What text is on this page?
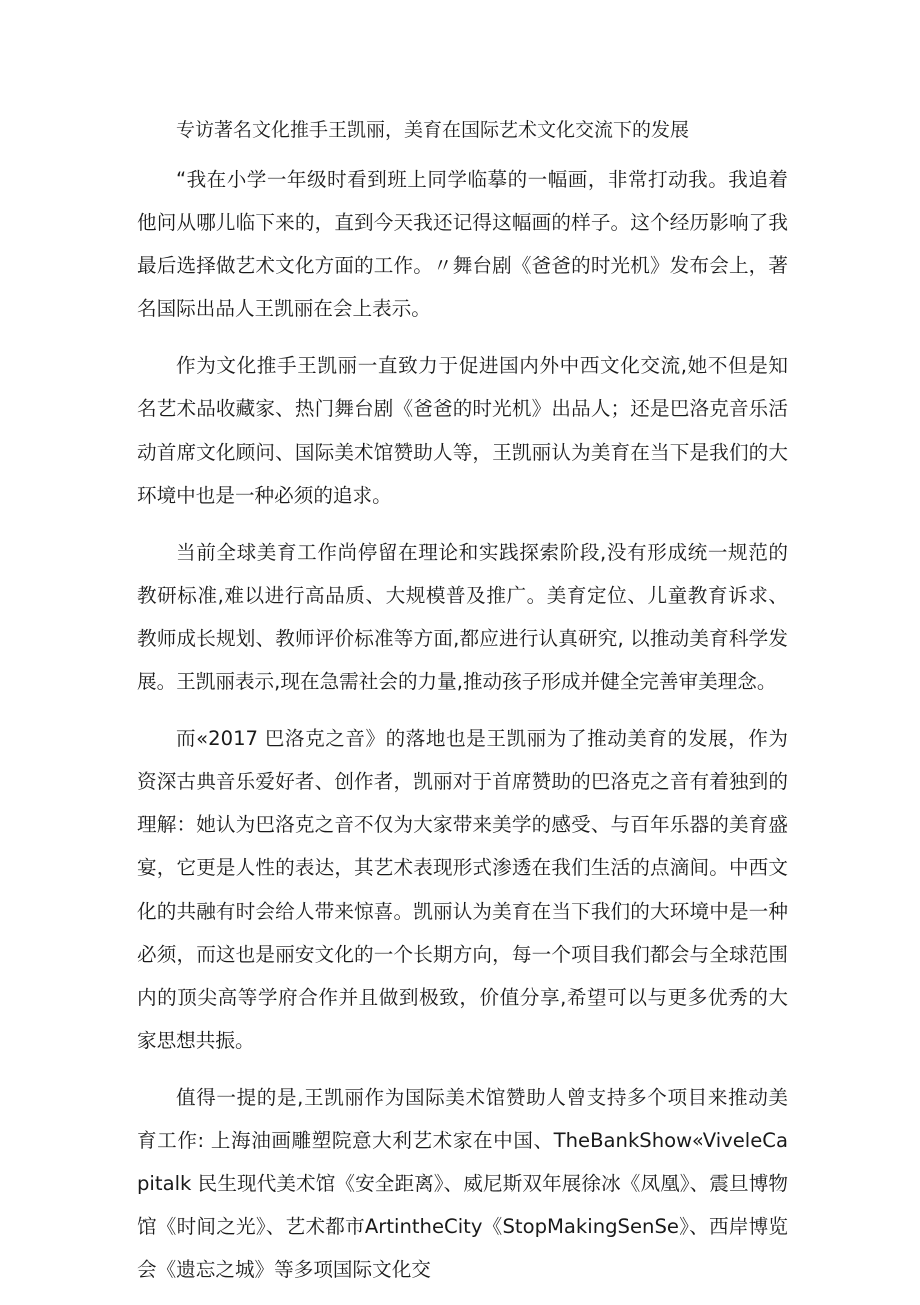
专访著名文化推手王凯丽，美育在国际艺术文化交流下的发展

“我在小学一年级时看到班上同学临摹的一幅画，非常打动我。我追着他问从哪儿临下来的，直到今天我还记得这幅画的样子。这个经历影响了我最后选择做艺术文化方面的工作。〃舞台剧《爸爸的时光机》发布会上，著名国际出品人王凯丽在会上表示。

作为文化推手王凯丽一直致力于促进国内外中西文化交流,她不但是知名艺术品收藏家、热门舞台剧《爸爸的时光机》出品人；还是巴洛克音乐活动首席文化顾问、国际美术馆赞助人等，王凯丽认为美育在当下是我们的大环境中也是一种必须的追求。

当前全球美育工作尚停留在理论和实践探索阶段,没有形成统一规范的教研标准,难以进行高品质、大规模普及推广。美育定位、儿童教育诉求、教师成长规划、教师评价标准等方面,都应进行认真研究, 以推动美育科学发展。王凯丽表示,现在急需社会的力量,推动孩子形成并健全完善审美理念。

而«2017 巴洛克之音》的落地也是王凯丽为了推动美育的发展，作为资深古典音乐爱好者、创作者，凯丽对于首席赞助的巴洛克之音有着独到的理解：她认为巴洛克之音不仅为大家带来美学的感受、与百年乐器的美育盛宴，它更是人性的表达，其艺术表现形式渗透在我们生活的点滴间。中西文化的共融有时会给人带来惊喜。凯丽认为美育在当下我们的大环境中是一种必须，而这也是丽安文化的一个长期方向，每一个项目我们都会与全球范围内的顶尖高等学府合作并且做到极致，价值分享,希望可以与更多优秀的大家思想共振。

值得一提的是,王凯丽作为国际美术馆赞助人曾支持多个项目来推动美育工作: 上海油画雕塑院意大利艺术家在中国、TheBankShow«VivelеCapitalk 民生现代美术馆《安全距离》、威尼斯双年展徐冰《凤凰》、震旦博物馆《时间之光》、艺术都市ArtintheCity《StopMakingSenSe》、西岸博览会《遗忘之城》等多项国际文化交
